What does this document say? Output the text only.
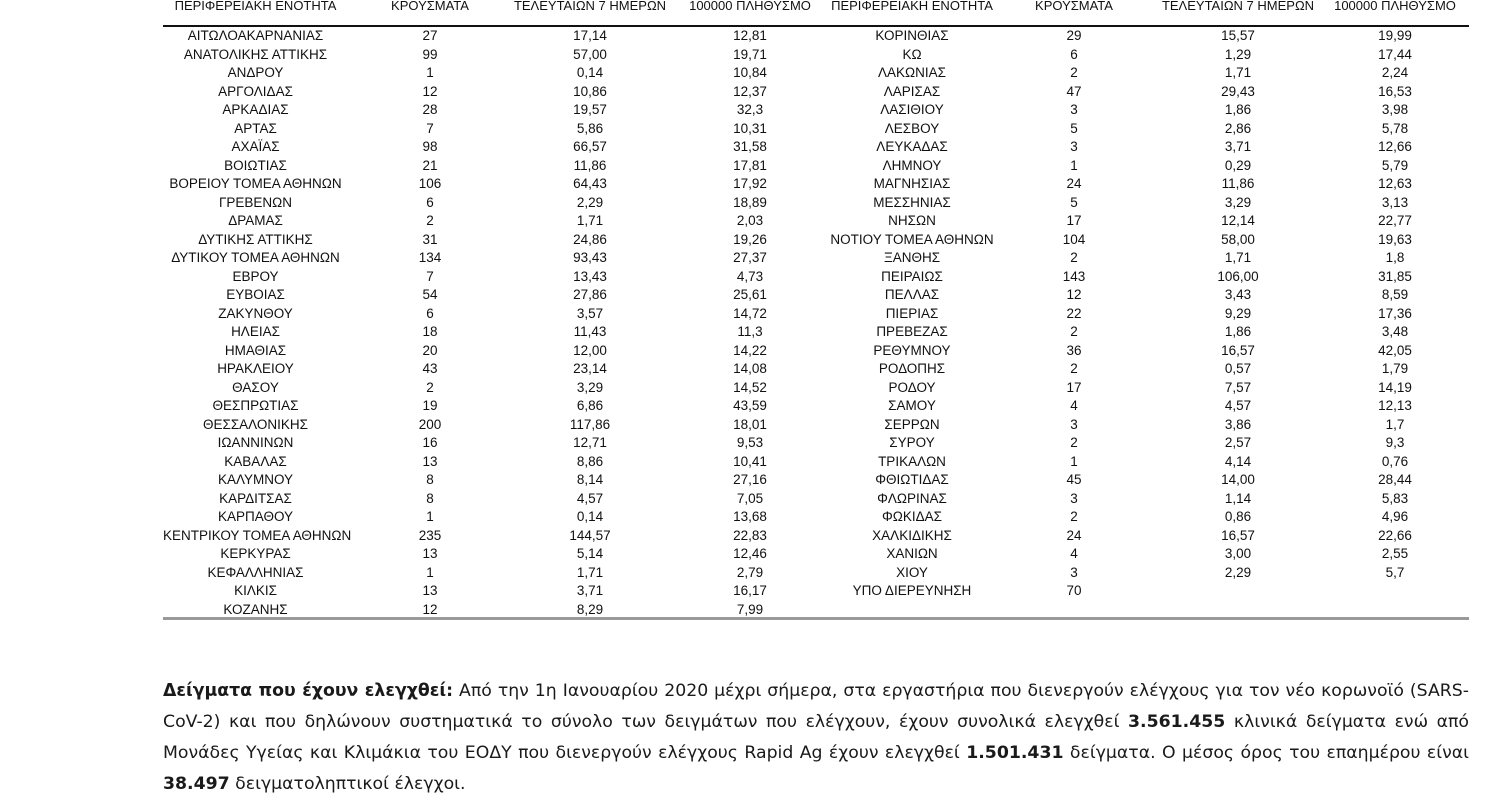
ΠΕΡΙΦΕΡΕΙΑΚΗ ΕΝΟΤΗΤΑ	ΚΡΟΥΣΜΑΤΑ	ΤΕΛΕΥΤΑΙΩΝ 7 ΗΜΕΡΩΝ	100000 ΠΛΗΘΥΣΜΟ	ΠΕΡΙΦΕΡΕΙΑΚΗ ΕΝΟΤΗΤΑ	ΚΡΟΥΣΜΑΤΑ	ΤΕΛΕΥΤΑΙΩΝ 7 ΗΜΕΡΩΝ	100000 ΠΛΗΘΥΣΜΟ
ΑΙΤΩΛΟΑΚΑΡΝΑΝΙΑΣ	27	17,14	12,81	ΚΟΡΙΝΘΙΑΣ	29	15,57	19,99
ΑΝΑΤΟΛΙΚΗΣ ΑΤΤΙΚΗΣ	99	57,00	19,71	ΚΩ	6	1,29	17,44
ΑΝΔΡΟΥ	1	0,14	10,84	ΛΑΚΩΝΙΑΣ	2	1,71	2,24
ΑΡΓΟΛΙΔΑΣ	12	10,86	12,37	ΛΑΡΙΣΑΣ	47	29,43	16,53
ΑΡΚΑΔΙΑΣ	28	19,57	32,3	ΛΑΣΙΘΙΟΥ	3	1,86	3,98
ΑΡΤΑΣ	7	5,86	10,31	ΛΕΣΒΟΥ	5	2,86	5,78
ΑΧΑΪΑΣ	98	66,57	31,58	ΛΕΥΚΑΔΑΣ	3	3,71	12,66
ΒΟΙΩΤΙΑΣ	21	11,86	17,81	ΛΗΜΝΟΥ	1	0,29	5,79
ΒΟΡΕΙΟΥ ΤΟΜΕΑ ΑΘΗΝΩΝ	106	64,43	17,92	ΜΑΓΝΗΣΙΑΣ	24	11,86	12,63
ΓΡΕΒΕΝΩΝ	6	2,29	18,89	ΜΕΣΣΗΝΙΑΣ	5	3,29	3,13
ΔΡΑΜΑΣ	2	1,71	2,03	ΝΗΣΩΝ	17	12,14	22,77
ΔΥΤΙΚΗΣ ΑΤΤΙΚΗΣ	31	24,86	19,26	ΝΟΤΙΟΥ ΤΟΜΕΑ ΑΘΗΝΩΝ	104	58,00	19,63
ΔΥΤΙΚΟΥ ΤΟΜΕΑ ΑΘΗΝΩΝ	134	93,43	27,37	ΞΑΝΘΗΣ	2	1,71	1,8
ΕΒΡΟΥ	7	13,43	4,73	ΠΕΙΡΑΙΩΣ	143	106,00	31,85
ΕΥΒΟΙΑΣ	54	27,86	25,61	ΠΕΛΛΑΣ	12	3,43	8,59
ΖΑΚΥΝΘΟΥ	6	3,57	14,72	ΠΙΕΡΙΑΣ	22	9,29	17,36
ΗΛΕΙΑΣ	18	11,43	11,3	ΠΡΕΒΕΖΑΣ	2	1,86	3,48
ΗΜΑΘΙΑΣ	20	12,00	14,22	ΡΕΘΥΜΝΟΥ	36	16,57	42,05
ΗΡΑΚΛΕΙΟΥ	43	23,14	14,08	ΡΟΔΟΠΗΣ	2	0,57	1,79
ΘΑΣΟΥ	2	3,29	14,52	ΡΟΔΟΥ	17	7,57	14,19
ΘΕΣΠΡΩΤΙΑΣ	19	6,86	43,59	ΣΑΜΟΥ	4	4,57	12,13
ΘΕΣΣΑΛΟΝΙΚΗΣ	200	117,86	18,01	ΣΕΡΡΩΝ	3	3,86	1,7
ΙΩΑΝΝΙΝΩΝ	16	12,71	9,53	ΣΥΡΟΥ	2	2,57	9,3
ΚΑΒΑΛΑΣ	13	8,86	10,41	ΤΡΙΚΑΛΩΝ	1	4,14	0,76
ΚΑΛΥΜΝΟΥ	8	8,14	27,16	ΦΘΙΩΤΙΔΑΣ	45	14,00	28,44
ΚΑΡΔΙΤΣΑΣ	8	4,57	7,05	ΦΛΩΡΙΝΑΣ	3	1,14	5,83
ΚΑΡΠΑΘΟΥ	1	0,14	13,68	ΦΩΚΙΔΑΣ	2	0,86	4,96
ΚΕΝΤΡΙΚΟΥ ΤΟΜΕΑ ΑΘΗΝΩΝ	235	144,57	22,83	ΧΑΛΚΙΔΙΚΗΣ	24	16,57	22,66
ΚΕΡΚΥΡΑΣ	13	5,14	12,46	ΧΑΝΙΩΝ	4	3,00	2,55
ΚΕΦΑΛΛΗΝΙΑΣ	1	1,71	2,79	ΧΙΟΥ	3	2,29	5,7
ΚΙΛΚΙΣ	13	3,71	16,17	ΥΠΟ ΔΙΕΡΕΥΝΗΣΗ	70
ΚΟΖΑΝΗΣ	12	8,29	7,99
Δείγματα που έχουν ελεγχθεί: Από την 1η Ιανουαρίου 2020 μέχρι σήμερα, στα εργαστήρια που διενεργούν ελέγχους για τον νέο κορωνοϊό (SARS-CoV-2) και που δηλώνουν συστηματικά το σύνολο των δειγμάτων που ελέγχουν, έχουν συνολικά ελεγχθεί 3.561.455 κλινικά δείγματα ενώ από Μονάδες Υγείας και Κλιμάκια του ΕΟΔΥ που διενεργούν ελέγχους Rapid Ag έχουν ελεγχθεί 1.501.431 δείγματα. Ο μέσος όρος του επαημέρου είναι 38.497 δειγματοληπτικοί έλεγχοι.
